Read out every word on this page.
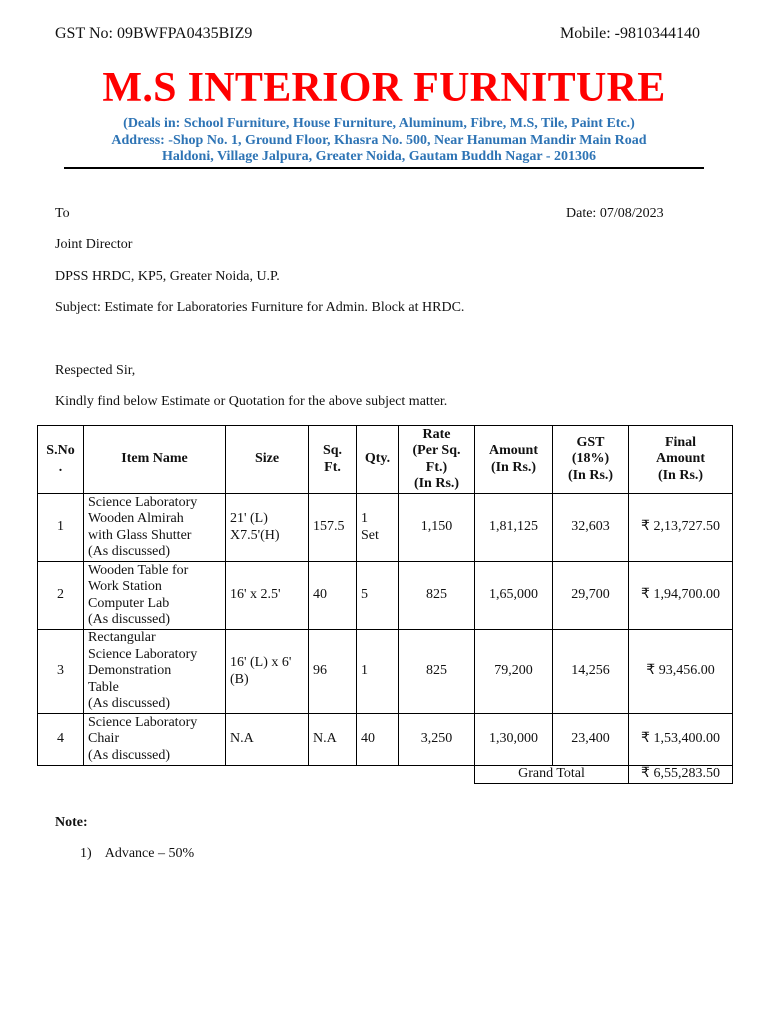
GST No: 09BWFPA0435BIZ9	Mobile: -9810344140
M.S INTERIOR FURNITURE
(Deals in: School Furniture, House Furniture, Aluminum, Fibre, M.S, Tile, Paint Etc.)
Address: -Shop No. 1, Ground Floor, Khasra No. 500, Near Hanuman Mandir Main Road
Haldoni, Village Jalpura, Greater Noida, Gautam Buddh Nagar - 201306
To	Date: 07/08/2023
Joint Director
DPSS HRDC, KP5, Greater Noida, U.P.
Subject: Estimate for Laboratories Furniture for Admin. Block at HRDC.
Respected Sir,
Kindly find below Estimate or Quotation for the above subject matter.
S.No
.	Item Name	Size	Sq.
Ft.	Qty.	Rate
(Per Sq.
Ft.)
(In Rs.)	Amount
(In Rs.)	GST
(18%)
(In Rs.)	Final
Amount
(In Rs.)
1	Science Laboratory
Wooden Almirah
with Glass Shutter
(As discussed)	21' (L)
X7.5'(H)	157.5	1
Set	1,150	1,81,125	32,603	₹ 2,13,727.50
2	Wooden Table for
Work Station
Computer Lab
(As discussed)	16' x 2.5'	40	5	825	1,65,000	29,700	₹ 1,94,700.00
3	Rectangular
Science Laboratory
Demonstration
Table
(As discussed)	16' (L) x 6'
(B)	96	1	825	79,200	14,256	₹ 93,456.00
4	Science Laboratory
Chair
(As discussed)	N.A	N.A	40	3,250	1,30,000	23,400	₹ 1,53,400.00
						Grand Total		₹ 6,55,283.50
Note:
1) Advance – 50%
